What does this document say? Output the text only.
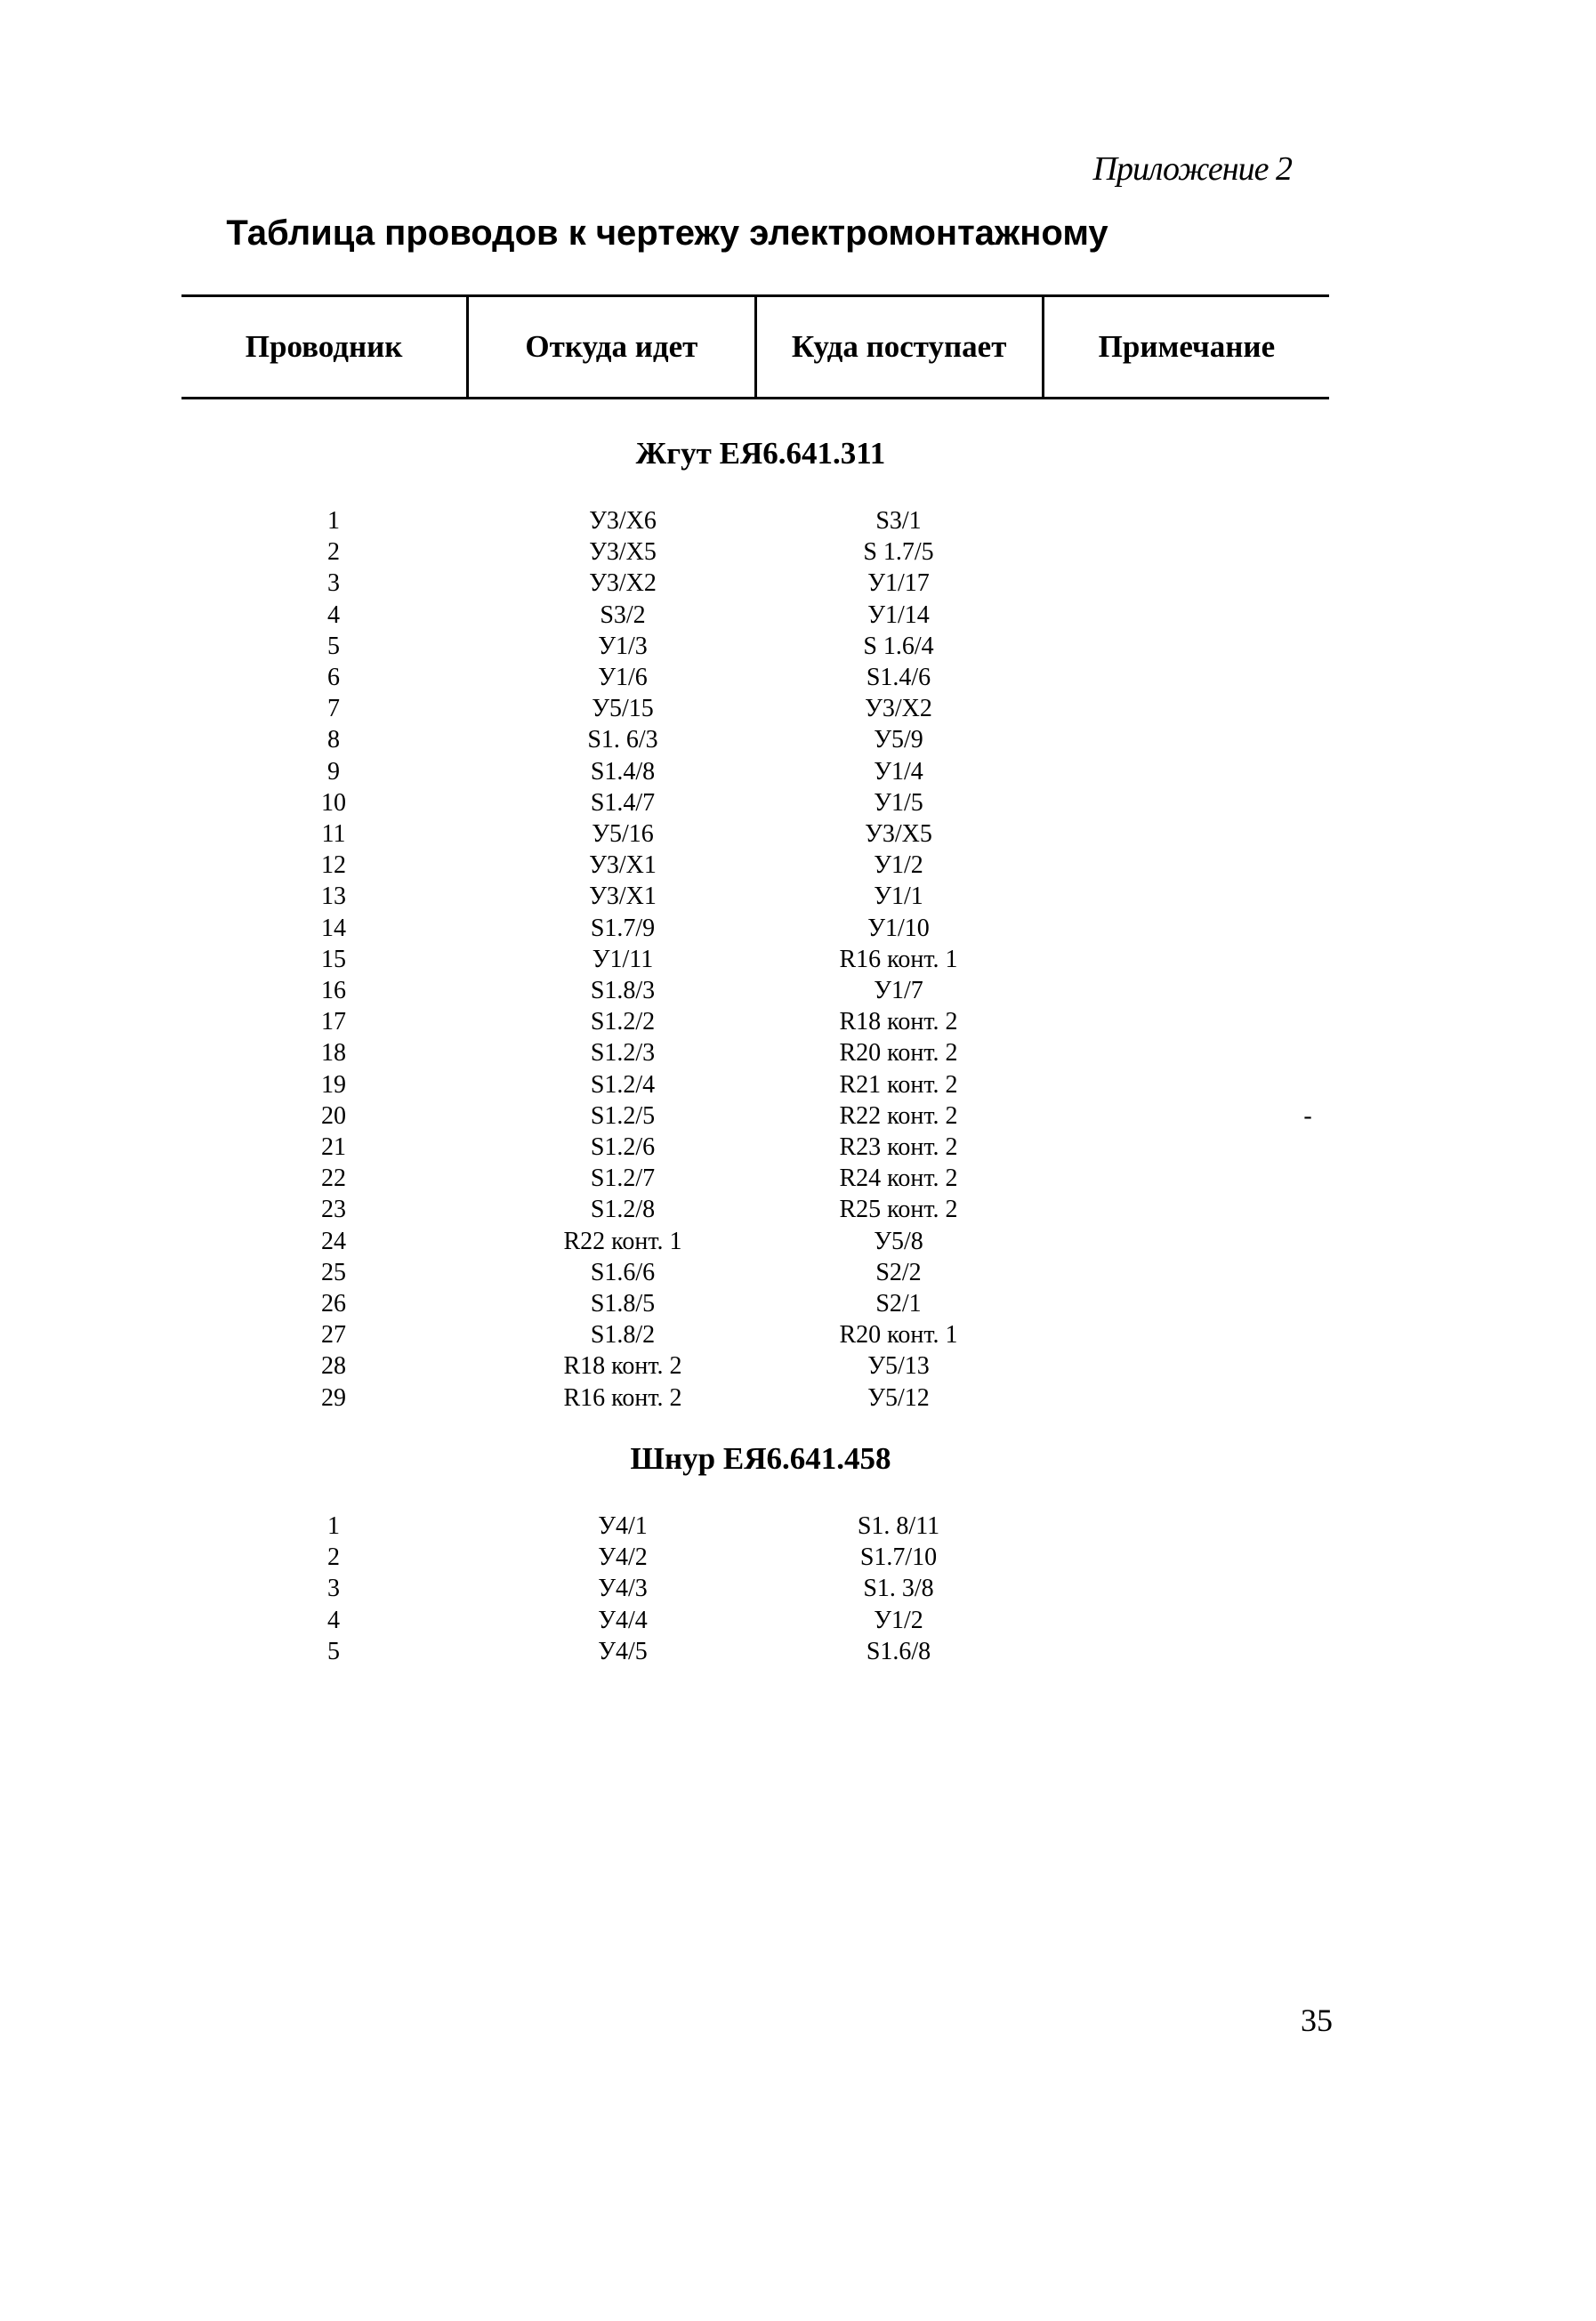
Приложение 2
Таблица проводов к чертежу электромонтажному
Проводник	Откуда идет	Куда поступает	Примечание
Жгут ЕЯ6.641.311
1	У3/Х6	S3/1
2	У3/Х5	S 1.7/5
3	У3/Х2	У1/17
4	S3/2	У1/14
5	У1/3	S 1.6/4
6	У1/6	S1.4/6
7	У5/15	У3/Х2
8	S1. 6/3	У5/9
9	S1.4/8	У1/4
10	S1.4/7	У1/5
11	У5/16	У3/Х5
12	У3/Х1	У1/2
13	У3/Х1	У1/1
14	S1.7/9	У1/10
15	У1/11	R16 конт. 1
16	S1.8/3	У1/7
17	S1.2/2	R18 конт. 2
18	S1.2/3	R20 конт. 2
19	S1.2/4	R21 конт. 2
20	S1.2/5	R22 конт. 2	-
21	S1.2/6	R23 конт. 2
22	S1.2/7	R24 конт. 2
23	S1.2/8	R25 конт. 2
24	R22 конт. 1	У5/8
25	S1.6/6	S2/2
26	S1.8/5	S2/1
27	S1.8/2	R20 конт. 1
28	R18 конт. 2	У5/13
29	R16 конт. 2	У5/12
Шнур ЕЯ6.641.458
1	У4/1	S1. 8/11
2	У4/2	S1.7/10
3	У4/3	S1. 3/8
4	У4/4	У1/2
5	У4/5	S1.6/8
35
